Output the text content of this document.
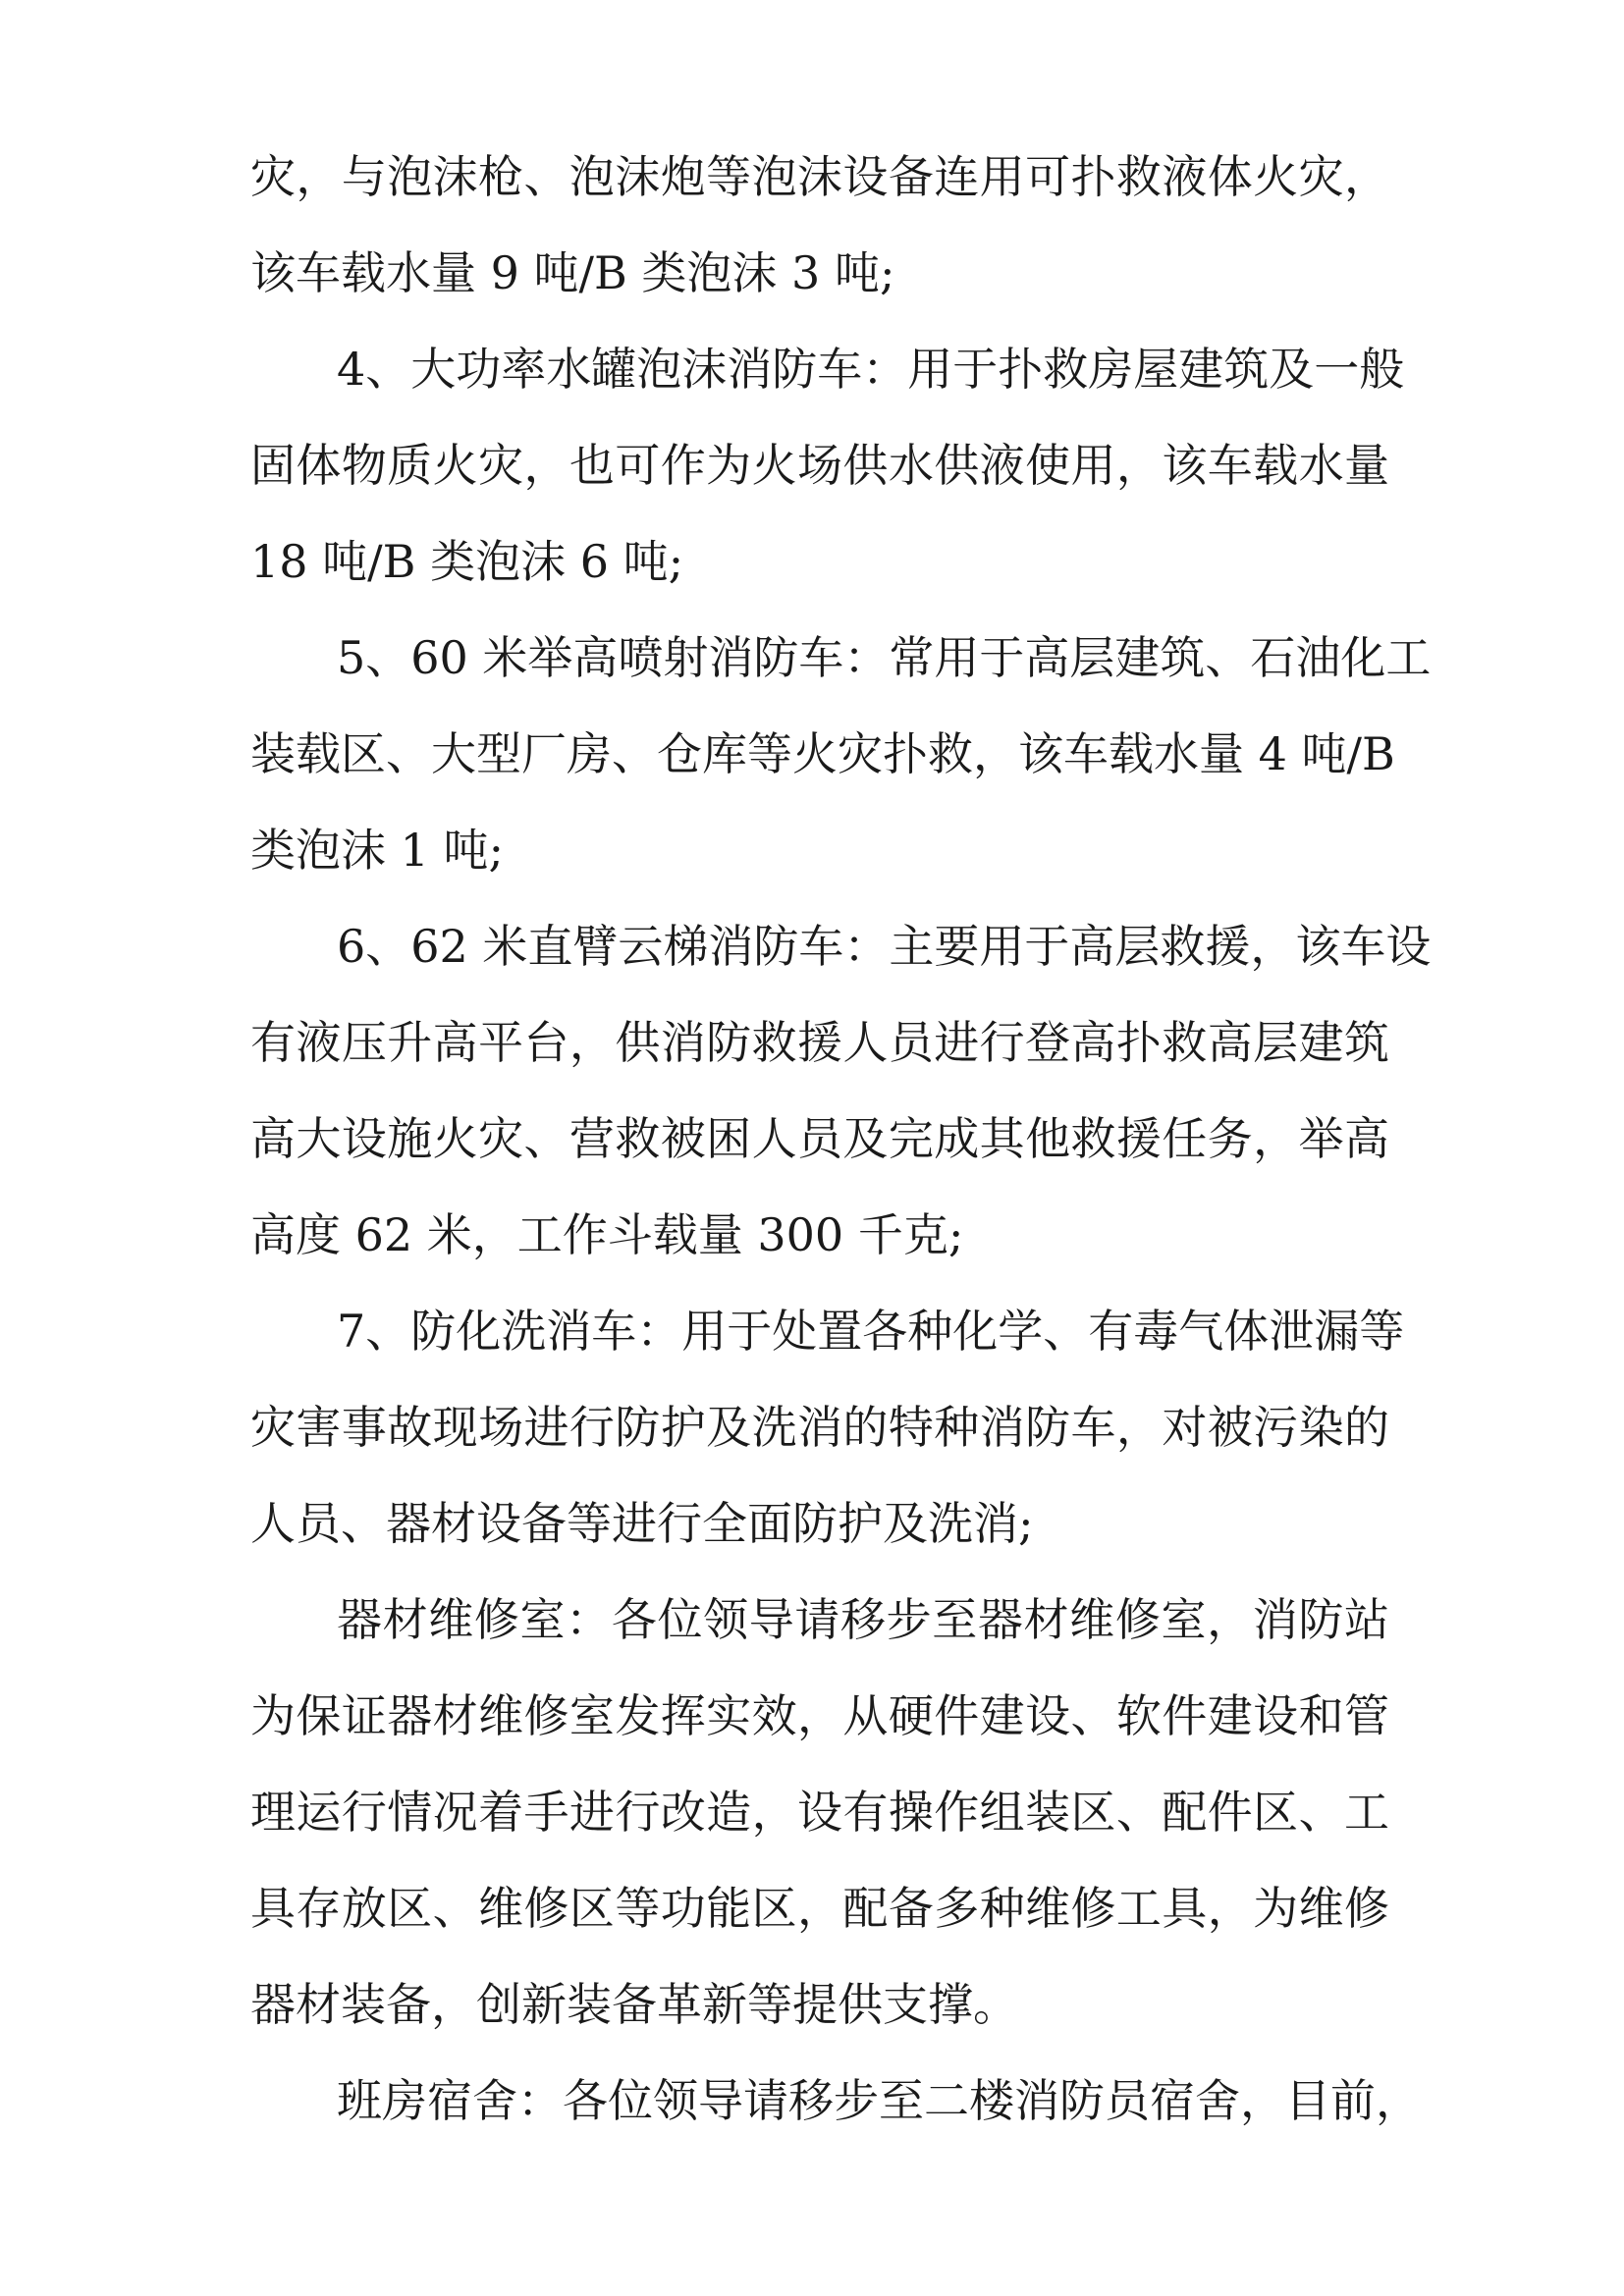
灾，与泡沫枪、泡沫炮等泡沫设备连用可扑救液体火灾，
该车载水量 9 吨/B 类泡沫 3 吨;
4、大功率水罐泡沫消防车：用于扑救房屋建筑及一般
固体物质火灾，也可作为火场供水供液使用，该车载水量
18 吨/B 类泡沫 6 吨;
5、60 米举高喷射消防车：常用于高层建筑、石油化工
装载区、大型厂房、仓库等火灾扑救，该车载水量 4 吨/B
类泡沫 1 吨;
6、62 米直臂云梯消防车：主要用于高层救援，该车设
有液压升高平台，供消防救援人员进行登高扑救高层建筑
高大设施火灾、营救被困人员及完成其他救援任务，举高
高度 62 米，工作斗载量 300 千克;
7、防化洗消车：用于处置各种化学、有毒气体泄漏等
灾害事故现场进行防护及洗消的特种消防车，对被污染的
人员、器材设备等进行全面防护及洗消;
器材维修室：各位领导请移步至器材维修室，消防站
为保证器材维修室发挥实效，从硬件建设、软件建设和管
理运行情况着手进行改造，设有操作组装区、配件区、工
具存放区、维修区等功能区，配备多种维修工具，为维修
器材装备，创新装备革新等提供支撑。
班房宿舍：各位领导请移步至二楼消防员宿舍，目前，
